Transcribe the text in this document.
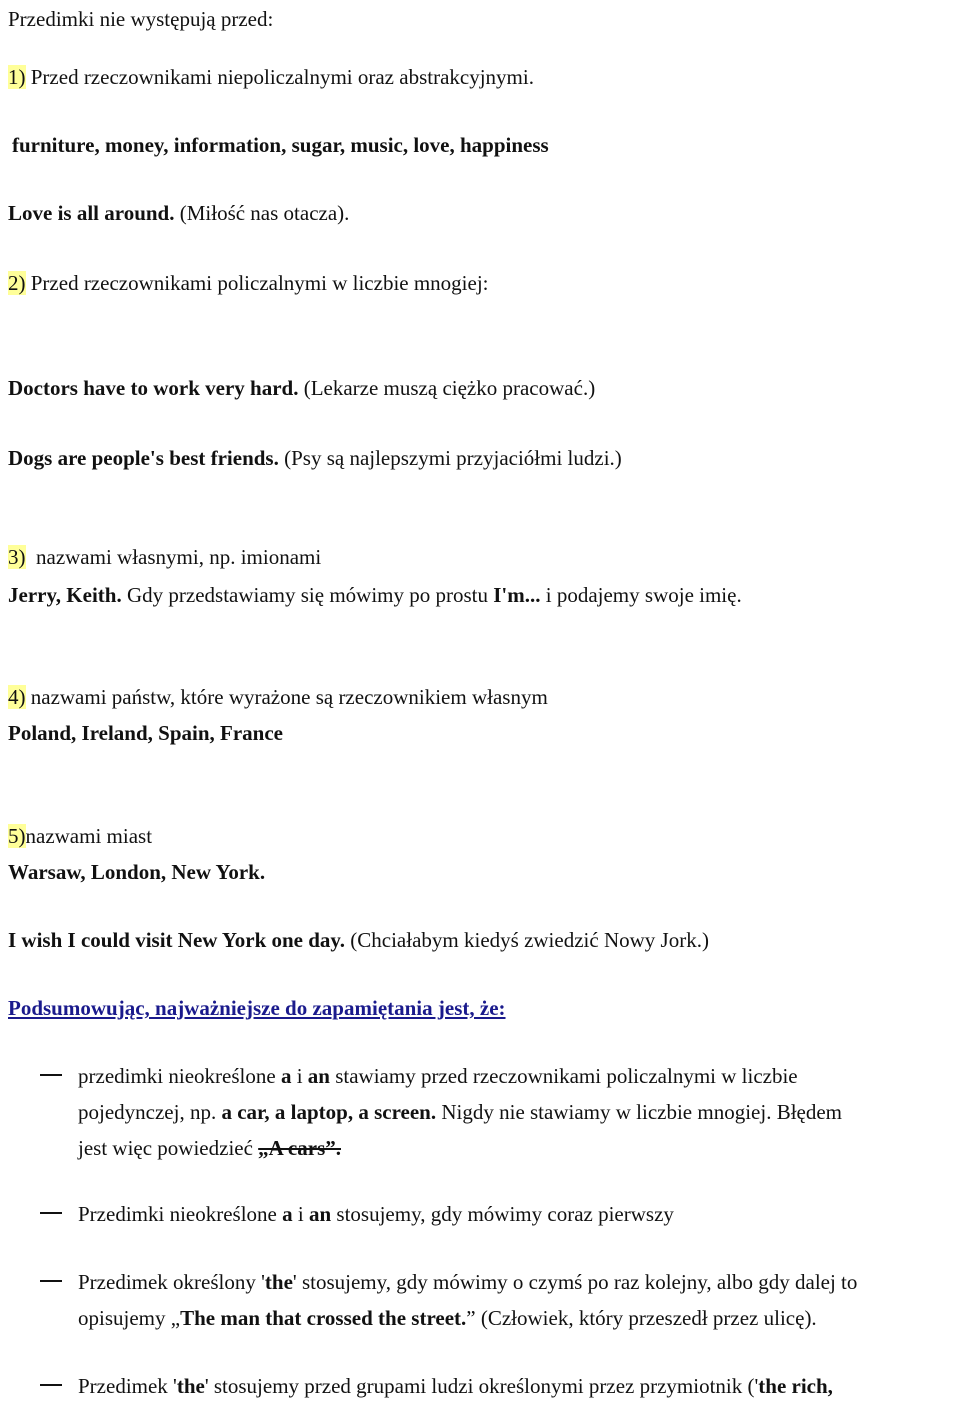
Przedimki nie występują przed:
1) Przed rzeczownikami niepoliczalnymi oraz abstrakcyjnymi.
furniture, money, information, sugar, music, love, happiness
Love is all around. (Miłość nas otacza).
2) Przed rzeczownikami policzalnymi w liczbie mnogiej:
Doctors have to work very hard. (Lekarze muszą ciężko pracować.)
Dogs are people's best friends. (Psy są najlepszymi przyjaciółmi ludzi.)
3) nazwami własnymi, np. imionami
Jerry, Keith. Gdy przedstawiamy się mówimy po prostu I'm... i podajemy swoje imię.
4) nazwami państw, które wyrażone są rzeczownikiem własnym
Poland, Ireland, Spain, France
5)nazwami miast
Warsaw, London, New York.
I wish I could visit New York one day. (Chciałabym kiedyś zwiedzić Nowy Jork.)
Podsumowując, najważniejsze do zapamiętania jest, że:
przedimki nieokreślone a i an stawiamy przed rzeczownikami policzalnymi w liczbie
pojedynczej, np. a car, a laptop, a screen. Nigdy nie stawiamy w liczbie mnogiej. Błędem
jest więc powiedzieć „A cars”.
Przedimki nieokreślone a i an stosujemy, gdy mówimy coraz pierwszy
Przedimek określony 'the' stosujemy, gdy mówimy o czymś po raz kolejny, albo gdy dalej to
opisujemy „The man that crossed the street.” (Człowiek, który przeszedł przez ulicę).
Przedimek 'the' stosujemy przed grupami ludzi określonymi przez przymiotnik ('the rich,
